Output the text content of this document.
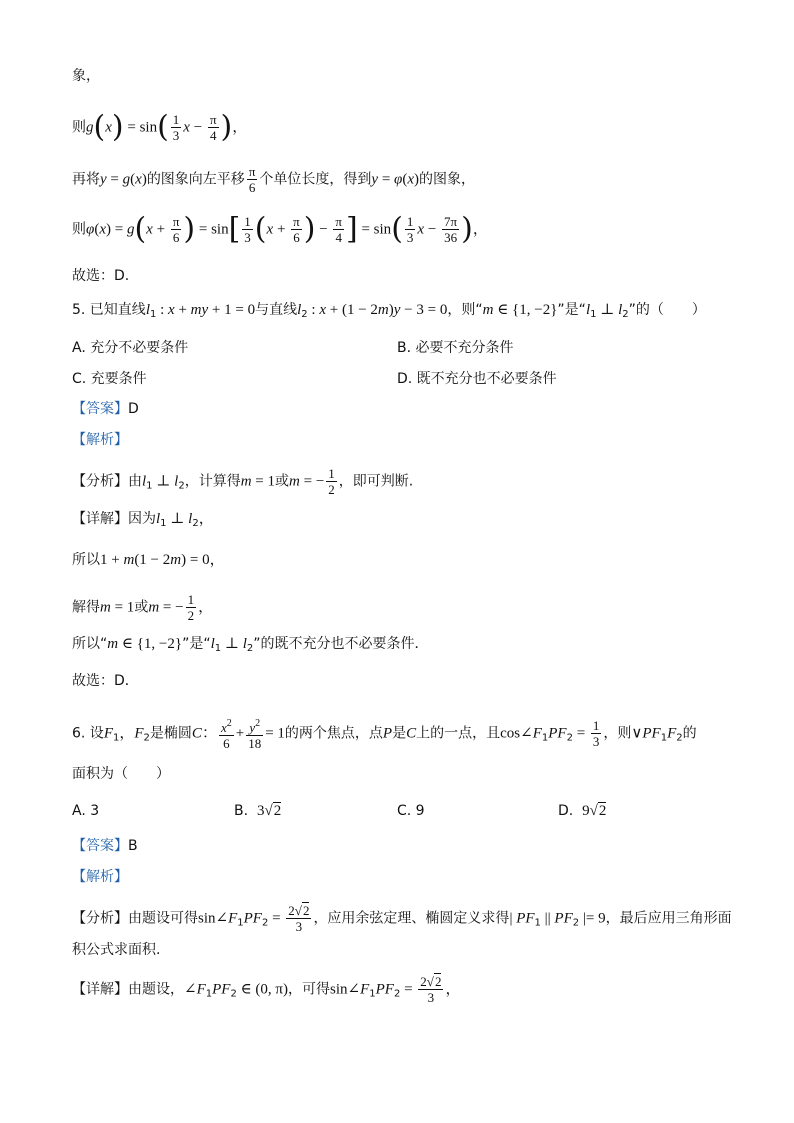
象，
则$g(x) = \sin( \frac{1}{3}$ $x - \frac{\pi}{4}$ )，
再将y = g(x)的图象向左平移 $\frac{\pi}{6}$ 个单位长度，得到y = φ(x)的图象，
则$\varphi(x) = g(x + \frac{\pi}{6}$ ) = $\sin[ \frac{1}{3} (x + \frac{\pi}{6}$ ) − $\frac{\pi}{4}$ ] = $\sin( \frac{1}{3}$ $x - \frac{7\pi}{36}$ )，
故选：D.
5. 已知直线$l_1$ : x + my + 1 = 0与直线$l_2$ : x + (1 − 2m)y − 3 = 0，则“m ∈ {1, −2}”是“$l_1$ ⊥ $l_2$”的（　　）
A. 充分不必要条件	B. 必要不充分条件
C. 充要条件	D. 既不充分也不必要条件
【答案】D
【解析】
【分析】由$l_1$ ⊥ $l_2$，计算得m = 1或m = − $\frac{1}{2}$ ，即可判断.
【详解】因为$l_1$ ⊥ $l_2$，
所以1 + m(1 − 2m) = 0，
解得m = 1或m = − $\frac{1}{2}$ ，
所以“m ∈ {1, −2}”是“$l_1$ ⊥ $l_2$”的既不充分也不必要条件．
故选：D．
6. 设$F_1$，$F_2$是椭圆C： $\frac{x^2}{6} + \frac{y^2}{18} = 1$的两个焦点，点P是C上的一点，且$\cos\angle F_1PF_2 = \frac{1}{3}$ ，则$\vee PF_1F_2$的
面积为（　　）
A. 3	B. 3√2	C. 9	D. 9√2
【答案】B
【解析】
【分析】由题设可得$\sin\angle F_1PF_2 = \frac{2√2}{3}$ ，应用余弦定理、椭圆定义求得| $PF_1$ || $PF_2$ |= 9，最后应用三角形面
积公式求面积.
【详解】由题设，$\angle F_1PF_2$ ∈ (0, π)，可得$\sin\angle F_1PF_2 = \frac{2√2}{3}$ ，
